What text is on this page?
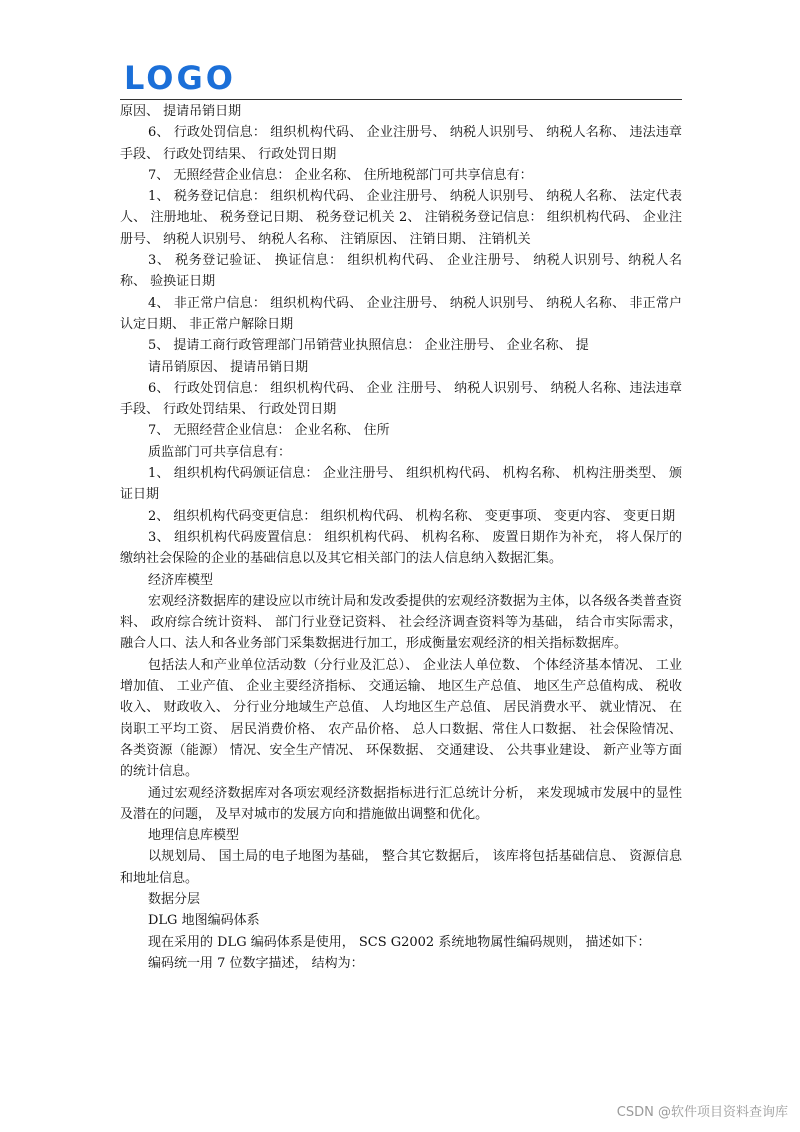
LOGO

原因、 提请吊销日期

6、 行政处罚信息： 组织机构代码、 企业注册号、 纳税人识别号、 纳税人名称、 违法违章手段、 行政处罚结果、 行政处罚日期

7、 无照经营企业信息： 企业名称、 住所地税部门可共享信息有：

1、 税务登记信息： 组织机构代码、 企业注册号、 纳税人识别号、 纳税人名称、 法定代表人、 注册地址、 税务登记日期、 税务登记机关 2、 注销税务登记信息： 组织机构代码、 企业注册号、 纳税人识别号、 纳税人名称、 注销原因、 注销日期、 注销机关

3、 税务登记验证、 换证信息： 组织机构代码、 企业注册号、 纳税人识别号、纳税人名称、 验换证日期

4、 非正常户信息： 组织机构代码、 企业注册号、 纳税人识别号、 纳税人名称、 非正常户认定日期、 非正常户解除日期

5、 提请工商行政管理部门吊销营业执照信息： 企业注册号、 企业名称、 提

请吊销原因、 提请吊销日期

6、 行政处罚信息： 组织机构代码、 企业 注册号、 纳税人识别号、 纳税人名称、违法违章手段、 行政处罚结果、 行政处罚日期

7、 无照经营企业信息： 企业名称、 住所

质监部门可共享信息有：

1、 组织机构代码颁证信息： 企业注册号、 组织机构代码、 机构名称、 机构注册类型、 颁证日期

2、 组织机构代码变更信息： 组织机构代码、 机构名称、 变更事项、 变更内容、 变更日期

3、 组织机构代码废置信息： 组织机构代码、 机构名称、 废置日期作为补充， 将人保厅的缴纳社会保险的企业的基础信息以及其它相关部门的法人信息纳入数据汇集。

经济库模型

宏观经济数据库的建设应以市统计局和发改委提供的宏观经济数据为主体，以各级各类普查资料、 政府综合统计资料、 部门行业登记资料、 社会经济调查资料等为基础， 结合市实际需求， 融合人口、法人和各业务部门采集数据进行加工，形成衡量宏观经济的相关指标数据库。

包括法人和产业单位活动数（分行业及汇总）、 企业法人单位数、 个体经济基本情况、 工业增加值、 工业产值、 企业主要经济指标、 交通运输、 地区生产总值、 地区生产总值构成、 税收收入、 财政收入、 分行业分地域生产总值、 人均地区生产总值、 居民消费水平、 就业情况、 在岗职工平均工资、 居民消费价格、 农产品价格、 总人口数据、常住人口数据、 社会保险情况、 各类资源（能源） 情况、安全生产情况、 环保数据、 交通建设、 公共事业建设、 新产业等方面的统计信息。

通过宏观经济数据库对各项宏观经济数据指标进行汇总统计分析， 来发现城市发展中的显性及潜在的问题， 及早对城市的发展方向和措施做出调整和优化。

地理信息库模型

以规划局、 国土局的电子地图为基础， 整合其它数据后， 该库将包括基础信息、 资源信息和地址信息。

数据分层

DLG 地图编码体系

现在采用的 DLG 编码体系是使用， SCS G2002 系统地物属性编码规则， 描述如下：

编码统一用 7 位数字描述， 结构为：

CSDN @软件项目资料查询库
